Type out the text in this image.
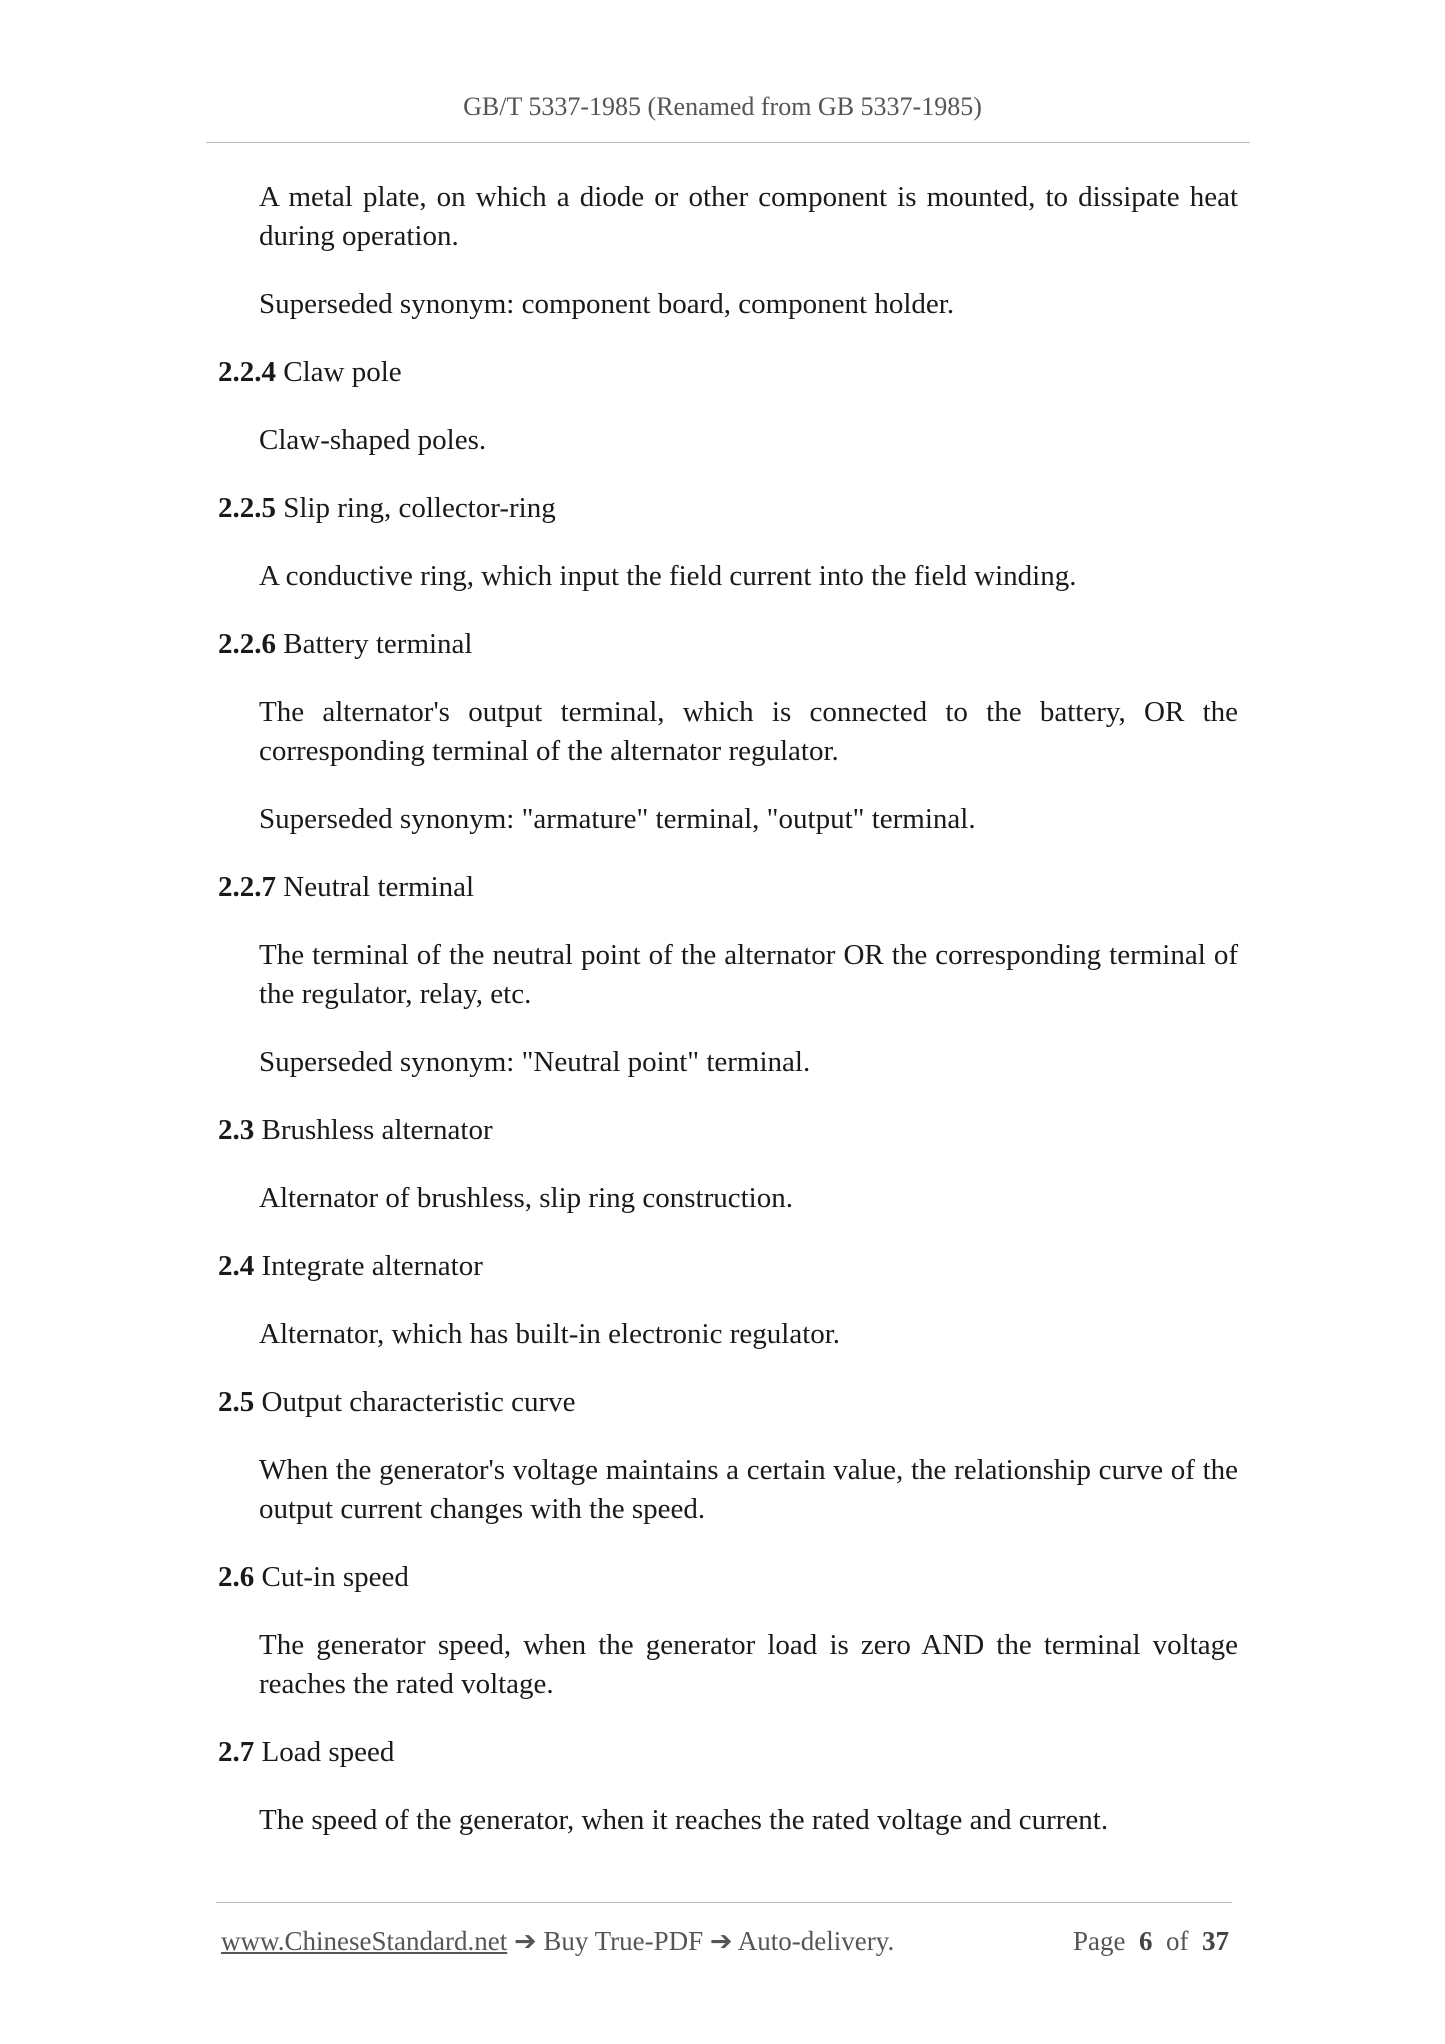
GB/T 5337-1985 (Renamed from GB 5337-1985)

A metal plate, on which a diode or other component is mounted, to dissipate heat during operation.

Superseded synonym: component board, component holder.

2.2.4 Claw pole

Claw-shaped poles.

2.2.5 Slip ring, collector-ring

A conductive ring, which input the field current into the field winding.

2.2.6 Battery terminal

The alternator's output terminal, which is connected to the battery, OR the corresponding terminal of the alternator regulator.

Superseded synonym: "armature" terminal, "output" terminal.

2.2.7 Neutral terminal

The terminal of the neutral point of the alternator OR the corresponding terminal of the regulator, relay, etc.

Superseded synonym: "Neutral point" terminal.

2.3 Brushless alternator

Alternator of brushless, slip ring construction.

2.4 Integrate alternator

Alternator, which has built-in electronic regulator.

2.5 Output characteristic curve

When the generator's voltage maintains a certain value, the relationship curve of the output current changes with the speed.

2.6 Cut-in speed

The generator speed, when the generator load is zero AND the terminal voltage reaches the rated voltage.

2.7 Load speed

The speed of the generator, when it reaches the rated voltage and current.

www.ChineseStandard.net ➔ Buy True-PDF ➔ Auto-delivery.	Page 6 of 37
